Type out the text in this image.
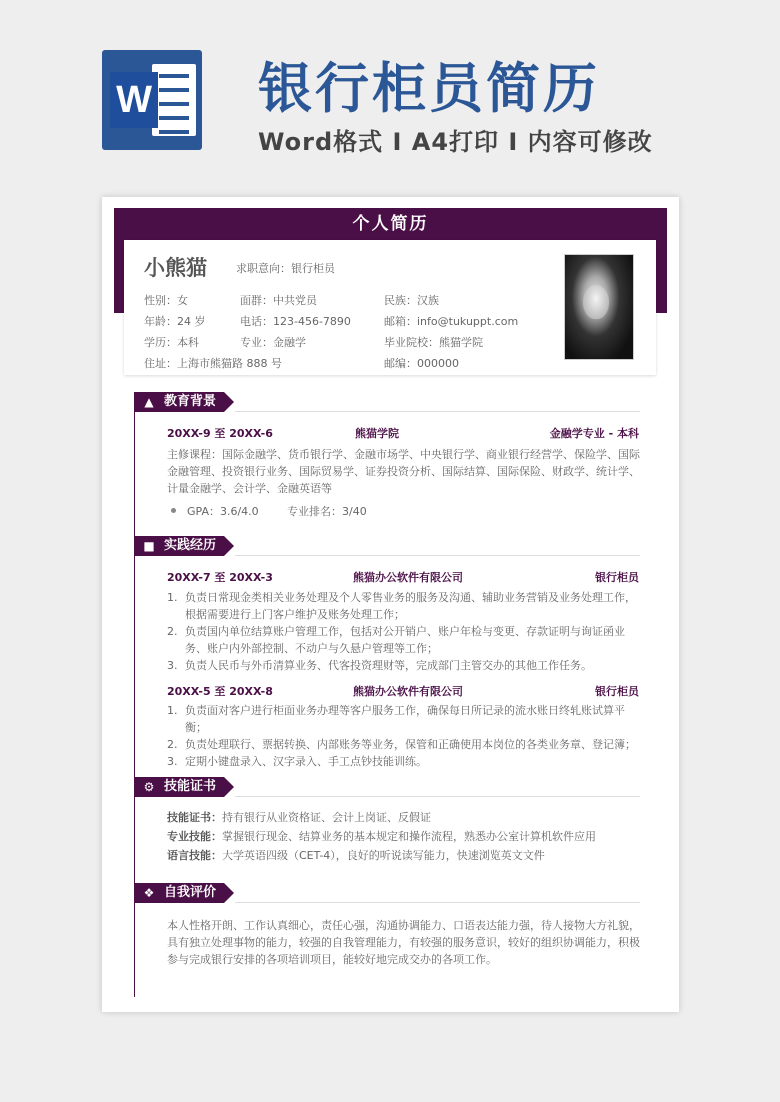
W 银行柜员简历
Word格式 I A4打印 I 内容可修改
个人简历
小熊猫	求职意向：银行柜员
性别：女	面群：中共党员	民族：汉族
年龄：24 岁	电话：123-456-7890	邮箱：info@tukuppt.com
学历：本科	专业：金融学	毕业院校：熊猫学院
住址：上海市熊猫路 888 号	邮编：000000
▲ 教育背景
20XX-9 至 20XX-6	熊猫学院	金融学专业 - 本科
主修课程：国际金融学、货币银行学、金融市场学、中央银行学、商业银行经营学、保险学、国际金融管理、投资银行业务、国际贸易学、证券投资分析、国际结算、国际保险、财政学、统计学、计量金融学、会计学、金融英语等
GPA：3.6/4.0	专业排名：3/40
■ 实践经历
20XX-7 至 20XX-3	熊猫办公软件有限公司	银行柜员
1. 负责日常现金类相关业务处理及个人零售业务的服务及沟通、辅助业务营销及业务处理工作，根据需要进行上门客户维护及账务处理工作；
2. 负责国内单位结算账户管理工作，包括对公开销户、账户年检与变更、存款证明与询证函业务、账户内外部控制、不动户与久悬户管理等工作；
3. 负责人民币与外币清算业务、代客投资理财等，完成部门主管交办的其他工作任务。
20XX-5 至 20XX-8	熊猫办公软件有限公司	银行柜员
1. 负责面对客户进行柜面业务办理等客户服务工作，确保每日所记录的流水账日终轧账试算平衡；
2. 负责处理联行、票据转换、内部账务等业务，保管和正确使用本岗位的各类业务章、登记簿；
3. 定期小键盘录入、汉字录入、手工点钞技能训练。
⚙ 技能证书
技能证书：持有银行从业资格证、会计上岗证、反假证
专业技能：掌握银行现金、结算业务的基本规定和操作流程，熟悉办公室计算机软件应用
语言技能：大学英语四级（CET-4），良好的听说读写能力，快速浏览英文文件
❖ 自我评价
本人性格开朗、工作认真细心，责任心强，沟通协调能力、口语表达能力强，待人接物大方礼貌，具有独立处理事物的能力，较强的自我管理能力，有较强的服务意识，较好的组织协调能力，积极参与完成银行安排的各项培训项目，能较好地完成交办的各项工作。
